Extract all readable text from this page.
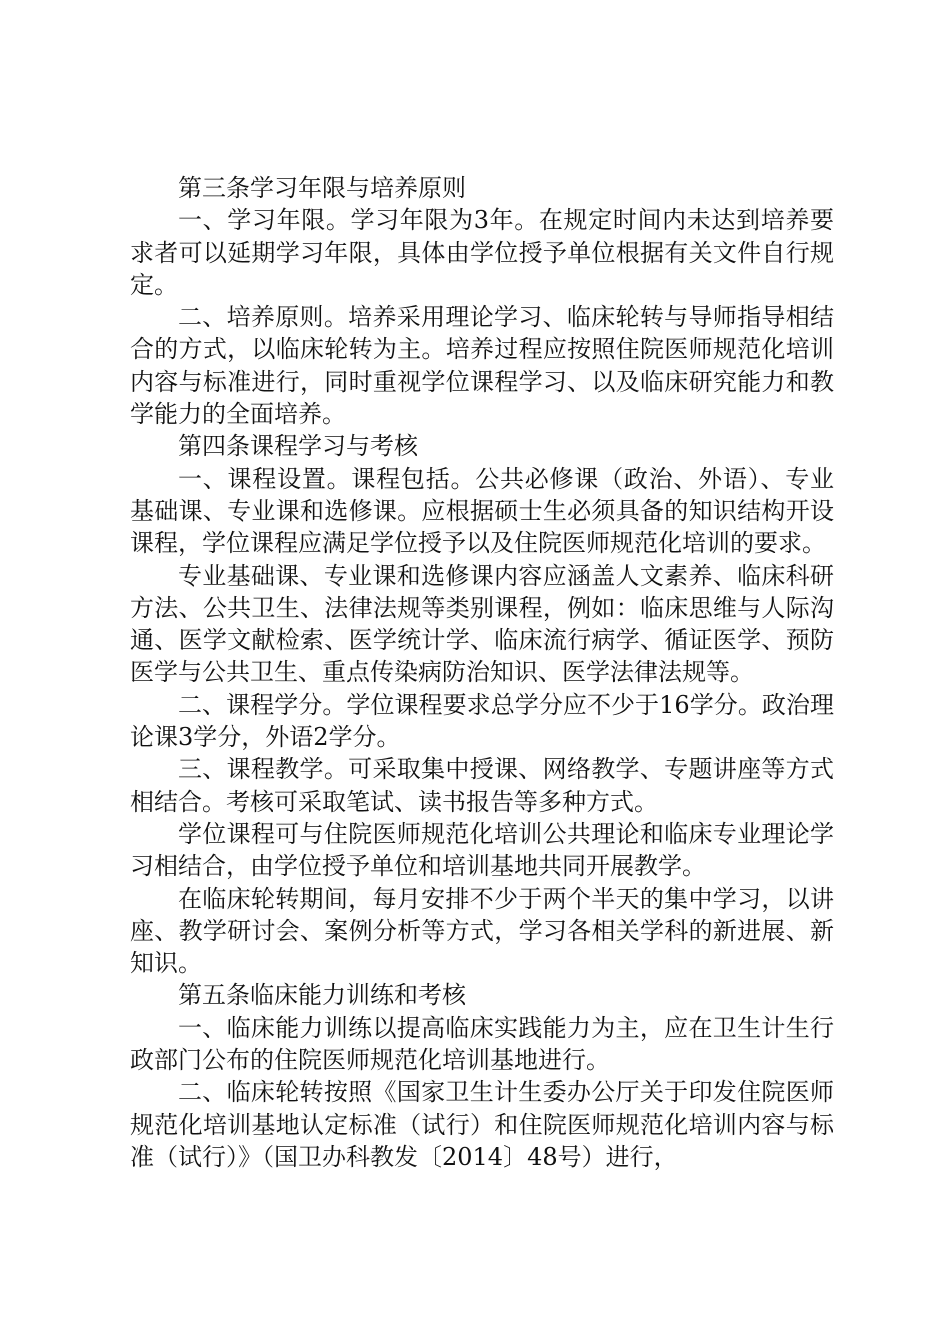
第三条学习年限与培养原则

一、学习年限。学习年限为3年。在规定时间内未达到培养要求者可以延期学习年限，具体由学位授予单位根据有关文件自行规定。

二、培养原则。培养采用理论学习、临床轮转与导师指导相结合的方式，以临床轮转为主。培养过程应按照住院医师规范化培训内容与标准进行，同时重视学位课程学习、以及临床研究能力和教学能力的全面培养。

第四条课程学习与考核

一、课程设置。课程包括。公共必修课（政治、外语）、专业基础课、专业课和选修课。应根据硕士生必须具备的知识结构开设课程，学位课程应满足学位授予以及住院医师规范化培训的要求。

专业基础课、专业课和选修课内容应涵盖人文素养、临床科研方法、公共卫生、法律法规等类别课程，例如：临床思维与人际沟通、医学文献检索、医学统计学、临床流行病学、循证医学、预防医学与公共卫生、重点传染病防治知识、医学法律法规等。

二、课程学分。学位课程要求总学分应不少于16学分。政治理论课3学分，外语2学分。

三、课程教学。可采取集中授课、网络教学、专题讲座等方式相结合。考核可采取笔试、读书报告等多种方式。

学位课程可与住院医师规范化培训公共理论和临床专业理论学习相结合，由学位授予单位和培训基地共同开展教学。

在临床轮转期间，每月安排不少于两个半天的集中学习，以讲座、教学研讨会、案例分析等方式，学习各相关学科的新进展、新知识。

第五条临床能力训练和考核

一、临床能力训练以提高临床实践能力为主，应在卫生计生行政部门公布的住院医师规范化培训基地进行。

二、临床轮转按照《国家卫生计生委办公厅关于印发住院医师规范化培训基地认定标准（试行）和住院医师规范化培训内容与标准（试行）》（国卫办科教发〔2014〕48号）进行，
